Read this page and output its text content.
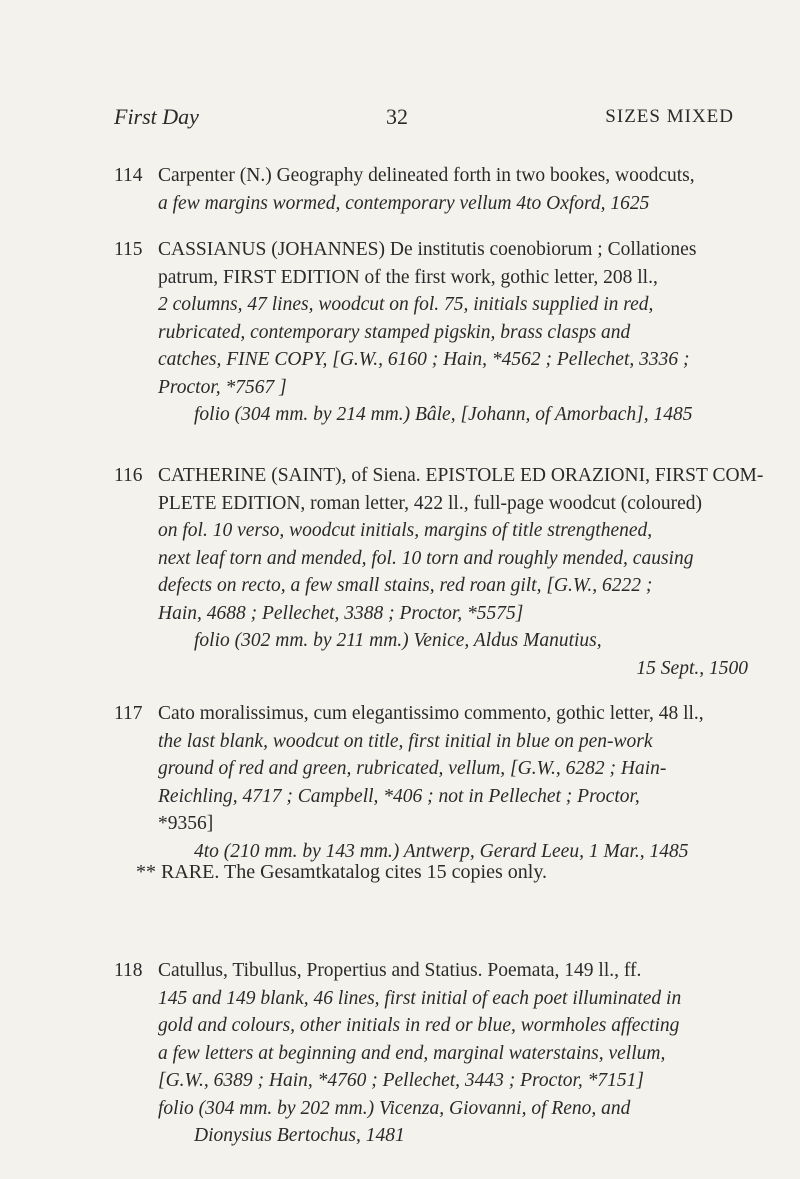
First Day	32	SIZES MIXED
114 Carpenter (N.) Geography delineated forth in two bookes, woodcuts,
a few margins wormed, contemporary vellum 4to Oxford, 1625
115 CASSIANUS (JOHANNES) De institutis coenobiorum ; Collationes
patrum, FIRST EDITION of the first work, gothic letter, 208 ll.,
2 columns, 47 lines, woodcut on fol. 75, initials supplied in red,
rubricated, contemporary stamped pigskin, brass clasps and
catches, FINE COPY, [G.W., 6160 ; Hain, *4562 ; Pellechet, 3336 ;
Proctor, *7567 ]
folio (304 mm. by 214 mm.) Bâle, [Johann, of Amorbach], 1485
116 CATHERINE (SAINT), of Siena. EPISTOLE ED ORAZIONI, FIRST COM-
PLETE EDITION, roman letter, 422 ll., full-page woodcut (coloured)
on fol. 10 verso, woodcut initials, margins of title strengthened,
next leaf torn and mended, fol. 10 torn and roughly mended, causing
defects on recto, a few small stains, red roan gilt, [G.W., 6222 ;
Hain, 4688 ; Pellechet, 3388 ; Proctor, *5575]
folio (302 mm. by 211 mm.) Venice, Aldus Manutius,
15 Sept., 1500
117 Cato moralissimus, cum elegantissimo commento, gothic letter, 48 ll.,
the last blank, woodcut on title, first initial in blue on pen-work
ground of red and green, rubricated, vellum, [G.W., 6282 ; Hain-
Reichling, 4717 ; Campbell, *406 ; not in Pellechet ; Proctor,
*9356]
4to (210 mm. by 143 mm.) Antwerp, Gerard Leeu, 1 Mar., 1485
** RARE. The Gesamtkatalog cites 15 copies only.
118 Catullus, Tibullus, Propertius and Statius. Poemata, 149 ll., ff.
145 and 149 blank, 46 lines, first initial of each poet illuminated in
gold and colours, other initials in red or blue, wormholes affecting
a few letters at beginning and end, marginal waterstains, vellum,
[G.W., 6389 ; Hain, *4760 ; Pellechet, 3443 ; Proctor, *7151]
folio (304 mm. by 202 mm.) Vicenza, Giovanni, of Reno, and
Dionysius Bertochus, 1481
